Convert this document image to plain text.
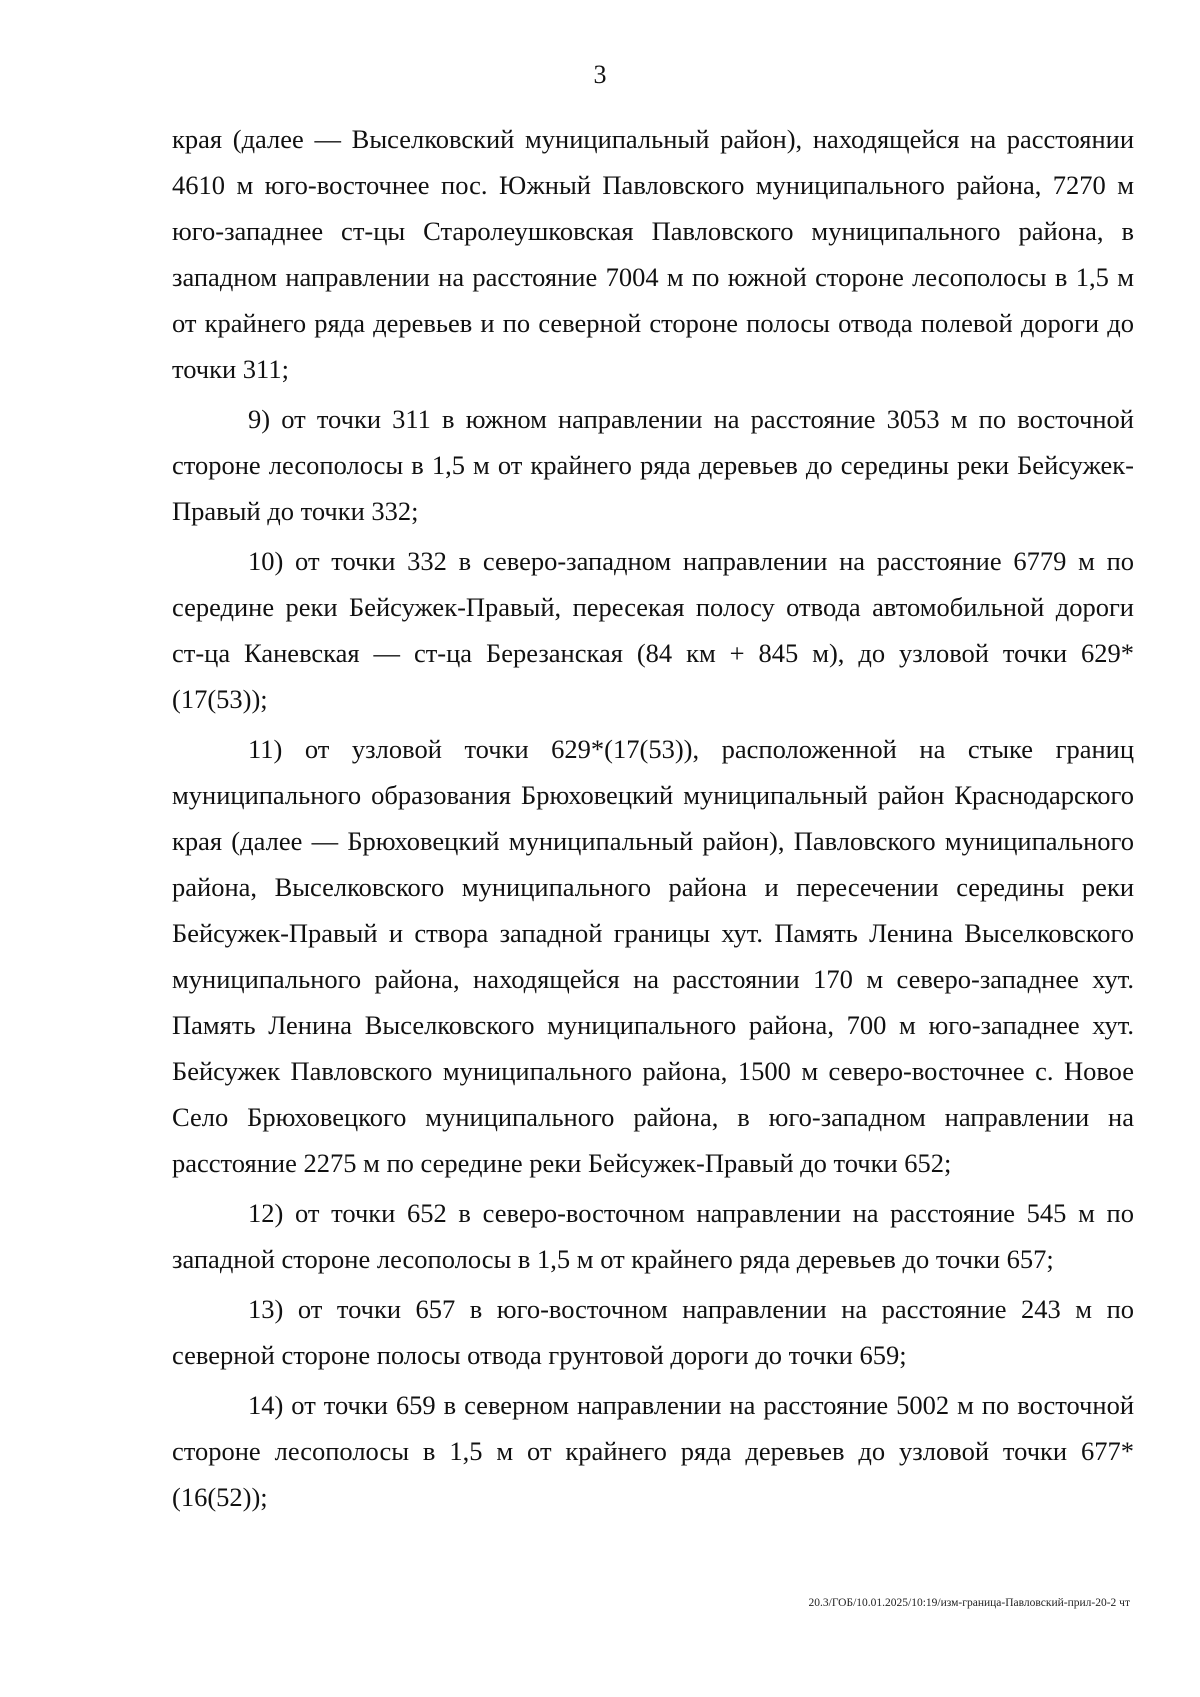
3

края (далее — Выселковский муниципальный район), находящейся на расстоянии 4610 м юго-восточнее пос. Южный Павловского муниципального района, 7270 м юго-западнее ст-цы Старолеушковская Павловского муниципального района, в западном направлении на расстояние 7004 м по южной стороне лесополосы в 1,5 м от крайнего ряда деревьев и по северной стороне полосы отвода полевой дороги до точки 311;

9) от точки 311 в южном направлении на расстояние 3053 м по восточной стороне лесополосы в 1,5 м от крайнего ряда деревьев до середины реки Бейсужек-Правый до точки 332;

10) от точки 332 в северо-западном направлении на расстояние 6779 м по середине реки Бейсужек-Правый, пересекая полосу отвода автомобильной дороги ст-ца Каневская — ст-ца Березанская (84 км + 845 м), до узловой точки 629*(17(53));

11) от узловой точки 629*(17(53)), расположенной на стыке границ муниципального образования Брюховецкий муниципальный район Краснодарского края (далее — Брюховецкий муниципальный район), Павловского муниципального района, Выселковского муниципального района и пересечении середины реки Бейсужек-Правый и створа западной границы хут. Память Ленина Выселковского муниципального района, находящейся на расстоянии 170 м северо-западнее хут. Память Ленина Выселковского муниципального района, 700 м юго-западнее хут. Бейсужек Павловского муниципального района, 1500 м северо-восточнее с. Новое Село Брюховецкого муниципального района, в юго-западном направлении на расстояние 2275 м по середине реки Бейсужек-Правый до точки 652;

12) от точки 652 в северо-восточном направлении на расстояние 545 м по западной стороне лесополосы в 1,5 м от крайнего ряда деревьев до точки 657;

13) от точки 657 в юго-восточном направлении на расстояние 243 м по северной стороне полосы отвода грунтовой дороги до точки 659;

14) от точки 659 в северном направлении на расстояние 5002 м по восточной стороне лесополосы в 1,5 м от крайнего ряда деревьев до узловой точки 677*(16(52));

20.3/ГОБ/10.01.2025/10:19/изм-граница-Павловский-прил-20-2 чт
